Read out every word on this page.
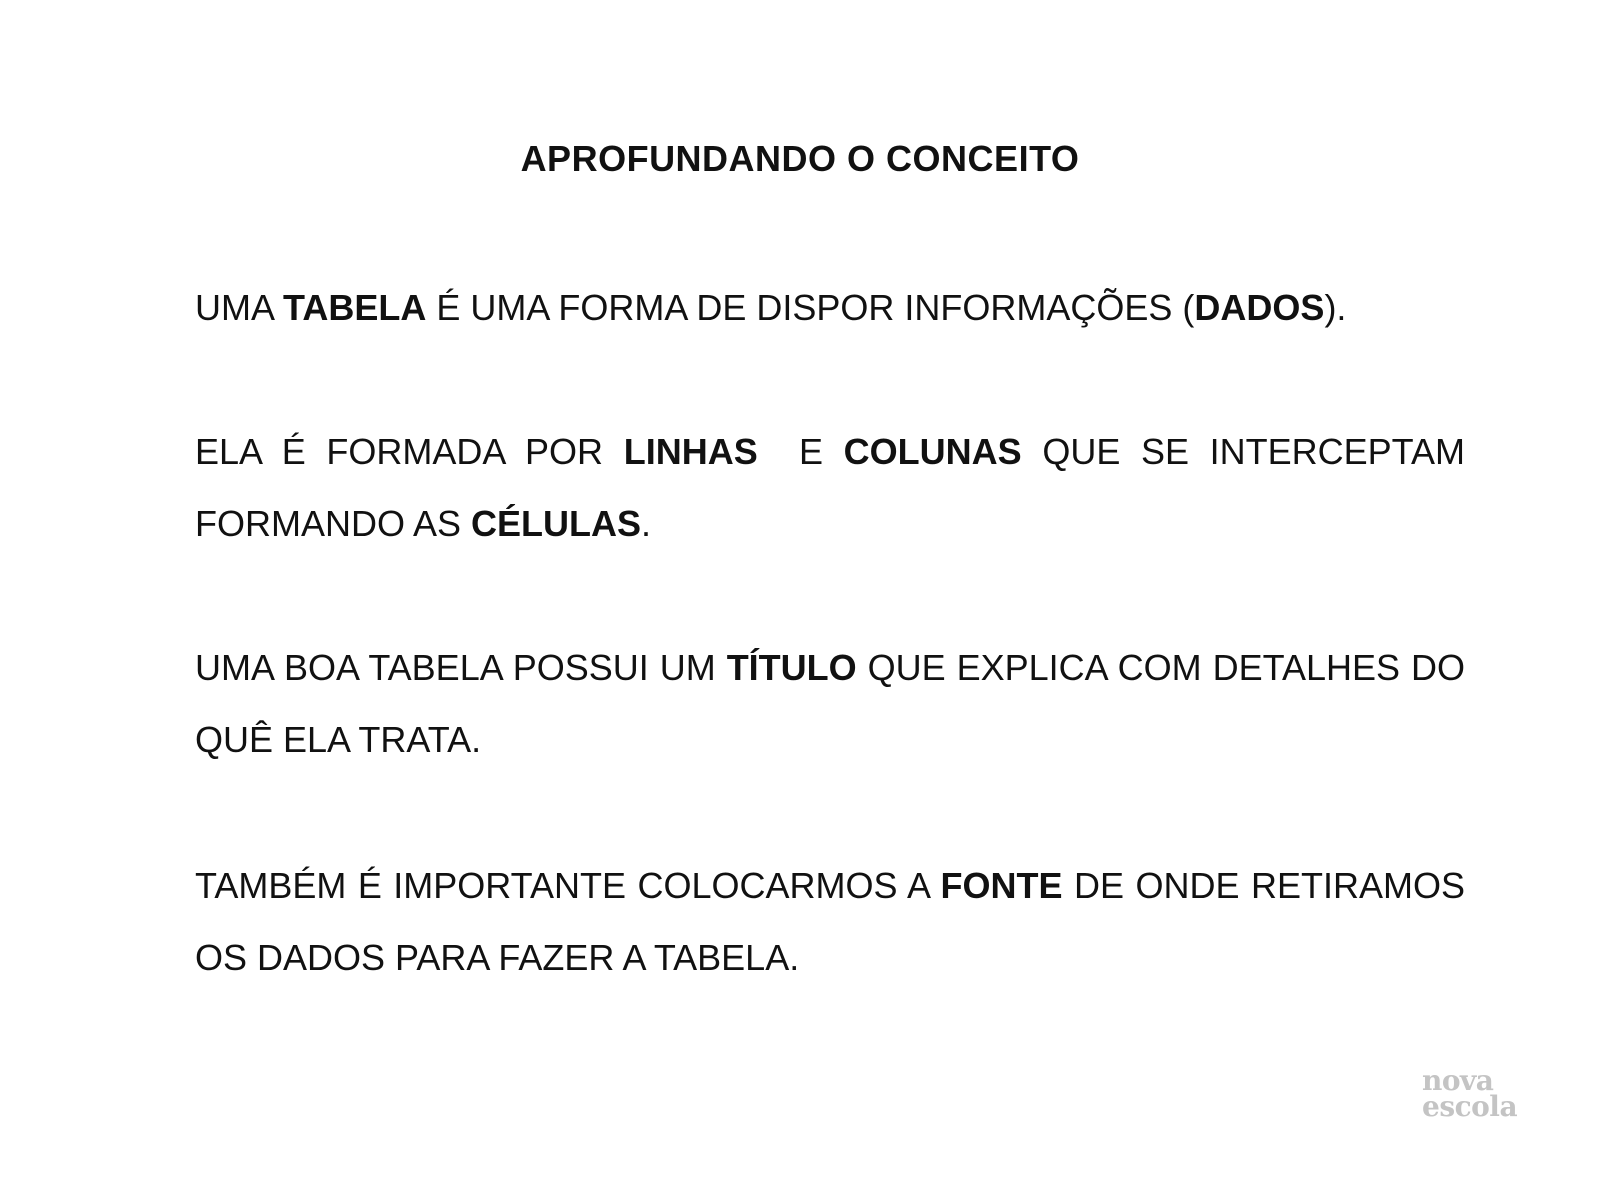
APROFUNDANDO O CONCEITO

UMA TABELA É UMA FORMA DE DISPOR INFORMAÇÕES (DADOS).

ELA É FORMADA POR LINHAS  E COLUNAS QUE SE INTERCEPTAM FORMANDO AS CÉLULAS.

UMA BOA TABELA POSSUI UM TÍTULO QUE EXPLICA COM DETALHES DO QUÊ ELA TRATA.

TAMBÉM É IMPORTANTE COLOCARMOS A FONTE DE ONDE RETIRAMOS OS DADOS PARA FAZER A TABELA.

nova
escola
